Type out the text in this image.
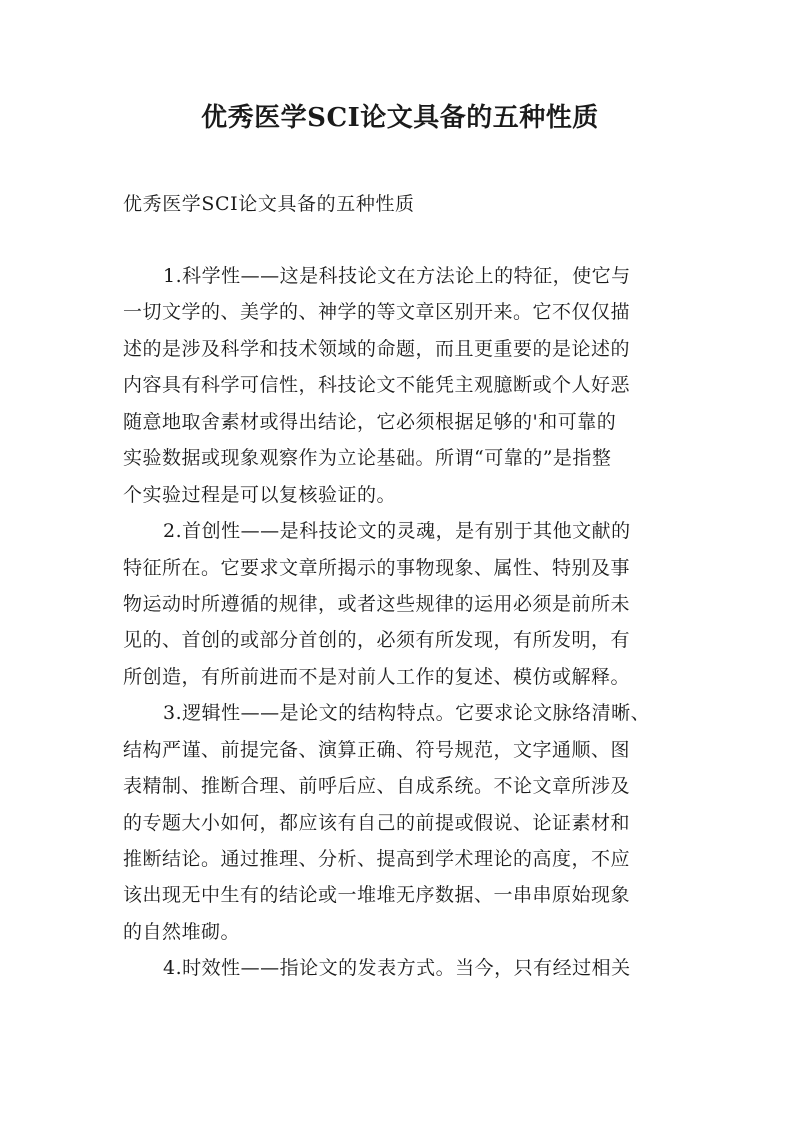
优秀医学SCI论文具备的五种性质
优秀医学SCI论文具备的五种性质
1.科学性——这是科技论文在方法论上的特征，使它与
一切文学的、美学的、神学的等文章区别开来。它不仅仅描
述的是涉及科学和技术领域的命题，而且更重要的是论述的
内容具有科学可信性，科技论文不能凭主观臆断或个人好恶
随意地取舍素材或得出结论，它必须根据足够的'和可靠的
实验数据或现象观察作为立论基础。所谓“可靠的”是指整
个实验过程是可以复核验证的。
2.首创性——是科技论文的灵魂，是有别于其他文献的
特征所在。它要求文章所揭示的事物现象、属性、特别及事
物运动时所遵循的规律，或者这些规律的运用必须是前所未
见的、首创的或部分首创的，必须有所发现，有所发明，有
所创造，有所前进而不是对前人工作的复述、模仿或解释。
3.逻辑性——是论文的结构特点。它要求论文脉络清晰、
结构严谨、前提完备、演算正确、符号规范，文字通顺、图
表精制、推断合理、前呼后应、自成系统。不论文章所涉及
的专题大小如何，都应该有自己的前提或假说、论证素材和
推断结论。通过推理、分析、提高到学术理论的高度，不应
该出现无中生有的结论或一堆堆无序数据、一串串原始现象
的自然堆砌。
4.时效性——指论文的发表方式。当今，只有经过相关
